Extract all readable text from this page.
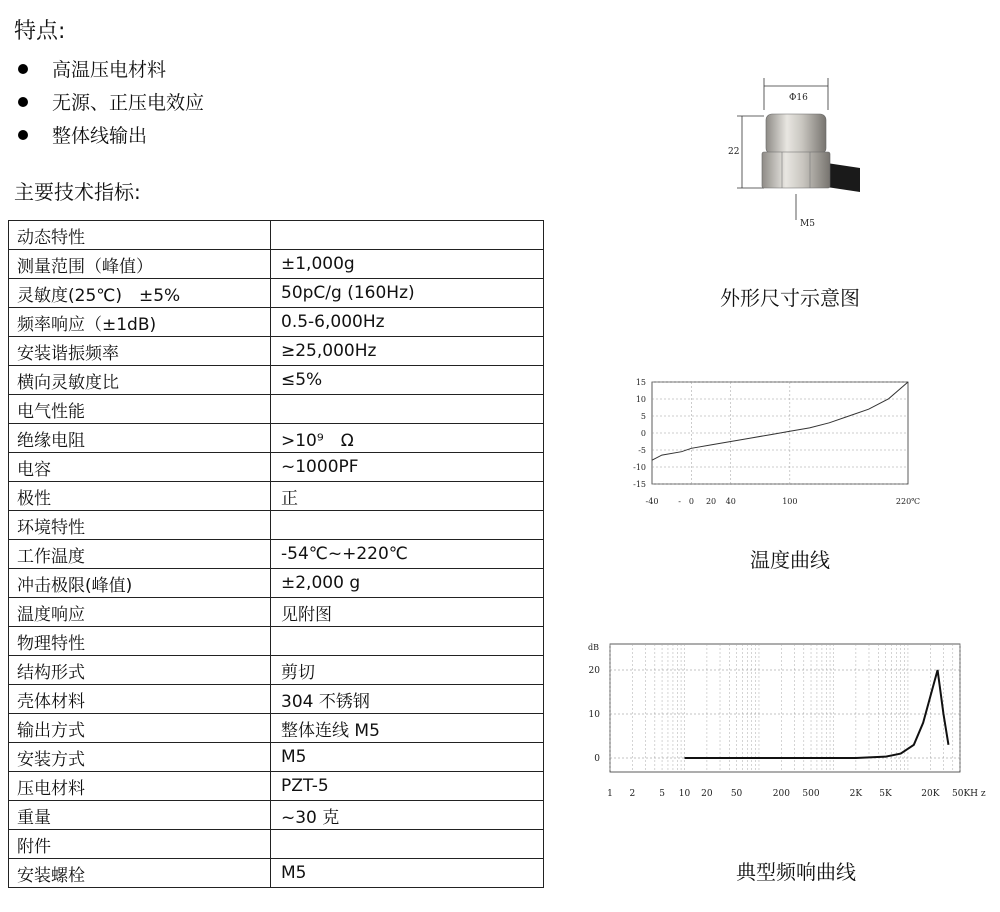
特点:
高温压电材料
无源、正压电效应
整体线输出
主要技术指标:
动态特性	
测量范围（峰值）	±1,000g
灵敏度(25℃)　±5%	50pC/g (160Hz)
频率响应（±1dB)	0.5-6,000Hz
安装谐振频率	≥25,000Hz
横向灵敏度比	≤5%
电气性能	
绝缘电阻	>10⁹　Ω
电容	~1000PF
极性	正
环境特性	
工作温度	-54℃~+220℃
冲击极限(峰值)	±2,000 g
温度响应	见附图
物理特性	
结构形式	剪切
壳体材料	304 不锈钢
输出方式	整体连线 M5
安装方式	M5
压电材料	PZT-5
重量	~30 克
附件	
安装螺栓	M5
Φ16
22
M5
外形尺寸示意图
15
10
5
0
-5
-10
-15
-40 - 0 20 40	100	220℃
温度曲线
dB
20
10
0
1 2	5 10 20 50	200 500	2K 5K	20K 50KH z
典型频响曲线
